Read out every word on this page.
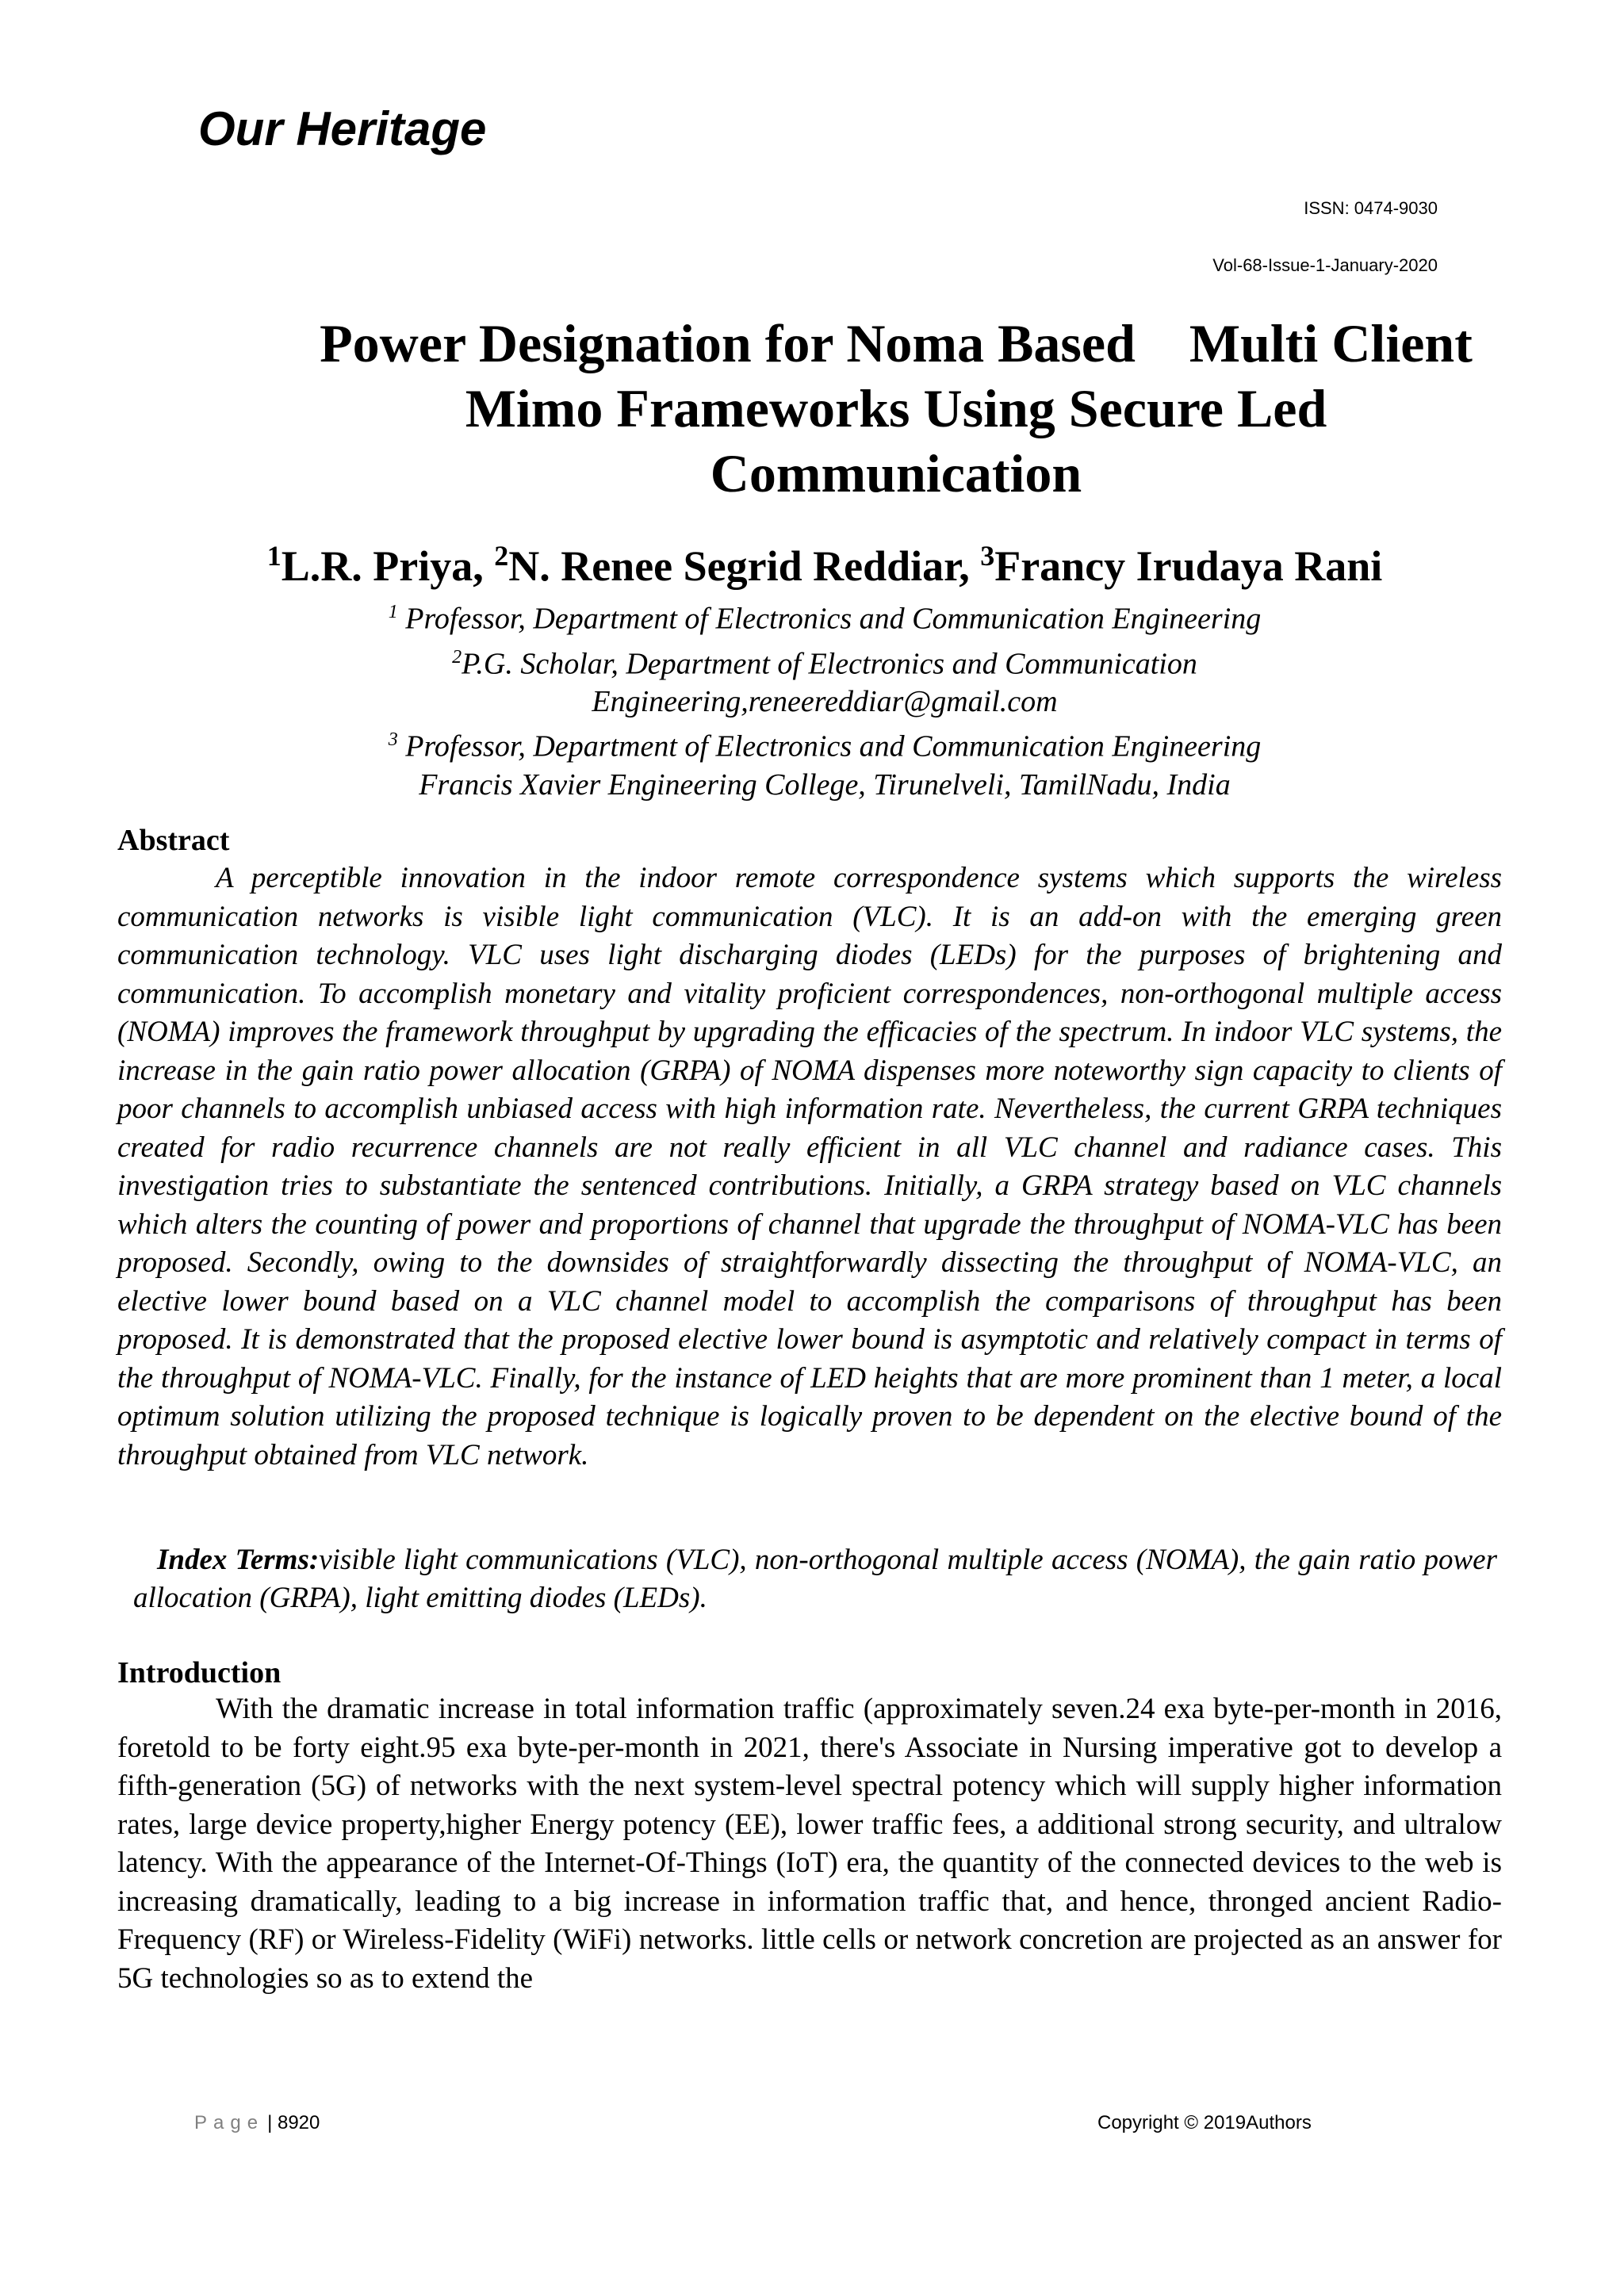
Our Heritage
ISSN: 0474-9030
Vol-68-Issue-1-January-2020
Power Designation for Noma Based    Multi Client
Mimo Frameworks Using Secure Led
Communication
$^1$L.R. Priya, $^2$N. Renee Segrid Reddiar, $^3$Francy Irudaya Rani
$^1$ Professor, Department of Electronics and Communication Engineering
$^2$P.G. Scholar, Department of Electronics and Communication
Engineering,reneereddiar@gmail.com
$^3$ Professor, Department of Electronics and Communication Engineering
Francis Xavier Engineering College, Tirunelveli, TamilNadu, India
Abstract

A perceptible innovation in the indoor remote correspondence systems which supports the wireless communication networks is visible light communication (VLC). It is an add-on with the emerging green communication technology. VLC uses light discharging diodes (LEDs) for the purposes of brightening and communication. To accomplish monetary and vitality proficient correspondences, non-orthogonal multiple access (NOMA) improves the framework throughput by upgrading the efficacies of the spectrum. In indoor VLC systems, the increase in the gain ratio power allocation (GRPA) of NOMA dispenses more noteworthy sign capacity to clients of poor channels to accomplish unbiased access with high information rate. Nevertheless, the current GRPA techniques created for radio recurrence channels are not really efficient in all VLC channel and radiance cases. This investigation tries to substantiate the sentenced contributions. Initially, a GRPA strategy based on VLC channels which alters the counting of power and proportions of channel that upgrade the throughput of NOMA-VLC has been proposed. Secondly, owing to the downsides of straightforwardly dissecting the throughput of NOMA-VLC, an elective lower bound based on a VLC channel model to accomplish the comparisons of throughput has been proposed. It is demonstrated that the proposed elective lower bound is asymptotic and relatively compact in terms of the throughput of NOMA-VLC. Finally, for the instance of LED heights that are more prominent than 1 meter, a local optimum solution utilizing the proposed technique is logically proven to be dependent on the elective bound of the throughput obtained from VLC network.

Index Terms:visible light communications (VLC), non-orthogonal multiple access (NOMA), the gain ratio power allocation (GRPA), light emitting diodes (LEDs).

Introduction

With the dramatic increase in total information traffic (approximately seven.24 exa byte-per-month in 2016, foretold to be forty eight.95 exa byte-per-month in 2021, there's Associate in Nursing imperative got to develop a fifth-generation (5G) of networks with the next system-level spectral potency which will supply higher information rates, large device property,higher Energy potency (EE), lower traffic fees, a additional strong security, and ultralow latency. With the appearance of the Internet-Of-Things (IoT) era, the quantity of the connected devices to the web is increasing dramatically, leading to a big increase in information traffic that, and hence, thronged ancient Radio-Frequency (RF) or Wireless-Fidelity (WiFi) networks. little cells or network concretion are projected as an answer for 5G technologies so as to extend the

Page | 8920	Copyright © 2019Authors
